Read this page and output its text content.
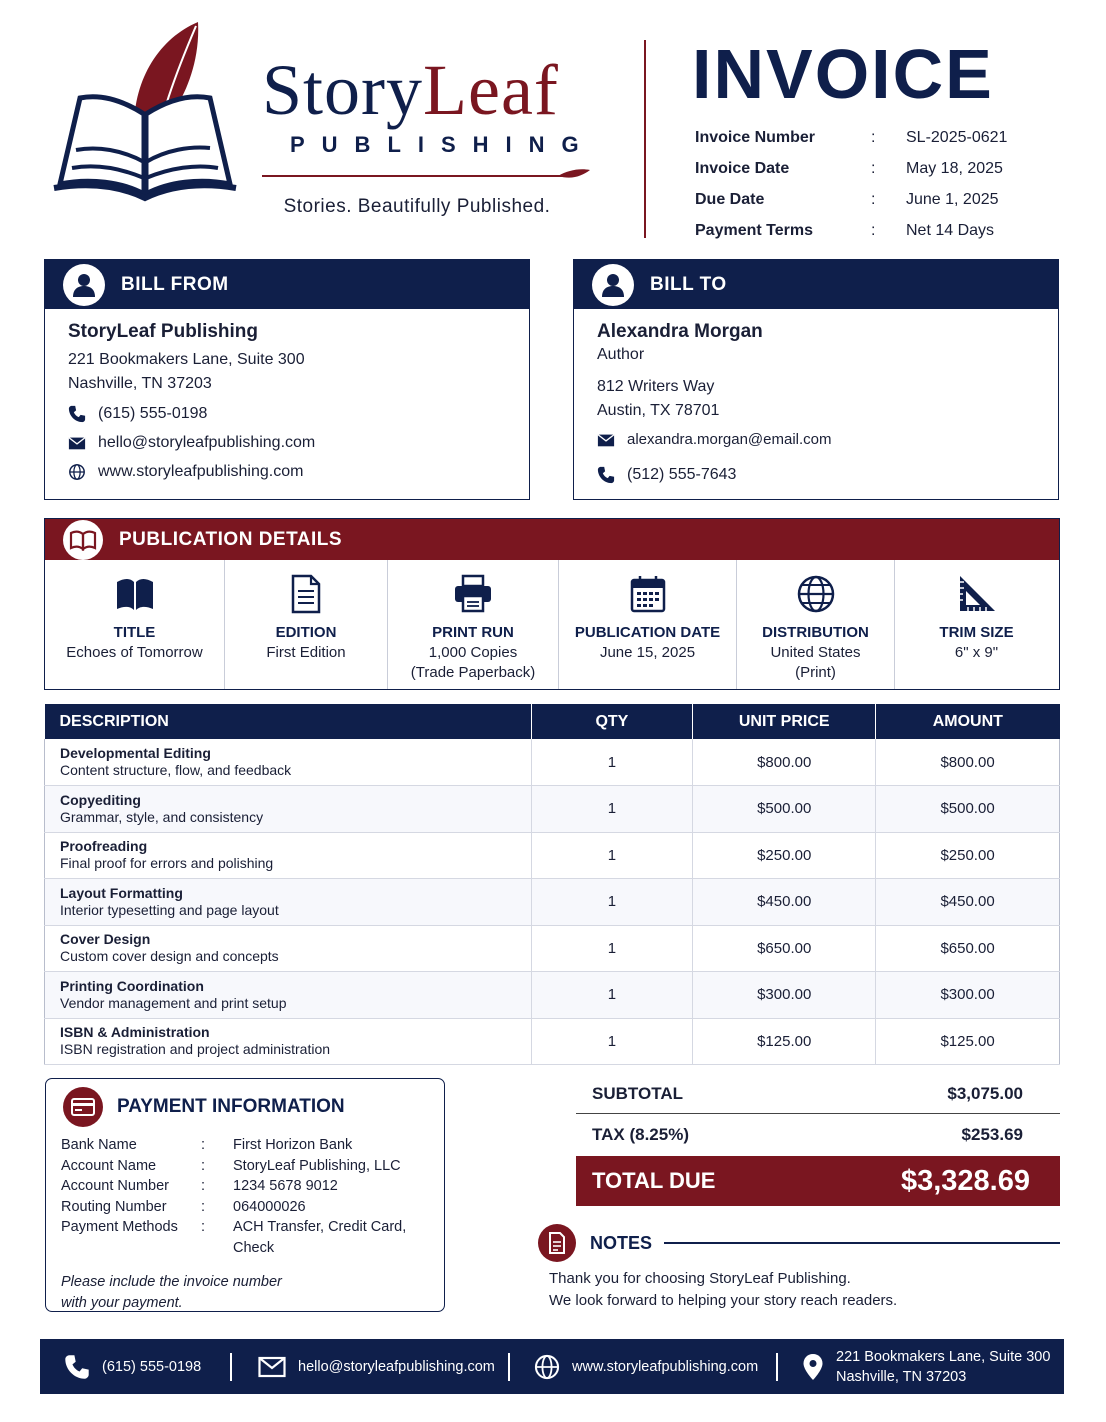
StoryLeaf
PUBLISHING
Stories. Beautifully Published.
INVOICE
Invoice Number	:	SL-2025-0621
Invoice Date	:	May 18, 2025
Due Date	:	June 1, 2025
Payment Terms	:	Net 14 Days
BILL FROM
StoryLeaf Publishing
221 Bookmakers Lane, Suite 300
Nashville, TN 37203
(615) 555-0198
hello@storyleafpublishing.com
www.storyleafpublishing.com
BILL TO
Alexandra Morgan
Author
812 Writers Way
Austin, TX 78701
alexandra.morgan@email.com
(512) 555-7643
PUBLICATION DETAILS
TITLE
Echoes of Tomorrow
EDITION
First Edition
PRINT RUN
1,000 Copies
(Trade Paperback)
PUBLICATION DATE
June 15, 2025
DISTRIBUTION
United States
(Print)
TRIM SIZE
6" x 9"
DESCRIPTION	QTY	UNIT PRICE	AMOUNT

Developmental Editing
Content structure, flow, and feedback	1	$800.00	$800.00

Copyediting
Grammar, style, and consistency	1	$500.00	$500.00

Proofreading
Final proof for errors and polishing	1	$250.00	$250.00

Layout Formatting
Interior typesetting and page layout	1	$450.00	$450.00

Cover Design
Custom cover design and concepts	1	$650.00	$650.00

Printing Coordination
Vendor management and print setup	1	$300.00	$300.00

ISBN & Administration
ISBN registration and project administration	1	$125.00	$125.00
PAYMENT INFORMATION
Bank Name	:	First Horizon Bank
Account Name	:	StoryLeaf Publishing, LLC
Account Number	:	1234 5678 9012
Routing Number	:	064000026
Payment Methods	:	ACH Transfer, Credit Card, Check
Please include the invoice number with your payment.
SUBTOTAL	$3,075.00
TAX (8.25%)	$253.69
TOTAL DUE	$3,328.69
NOTES
Thank you for choosing StoryLeaf Publishing.
We look forward to helping your story reach readers.
(615) 555-0198	hello@storyleafpublishing.com	www.storyleafpublishing.com
221 Bookmakers Lane, Suite 300
Nashville, TN 37203
